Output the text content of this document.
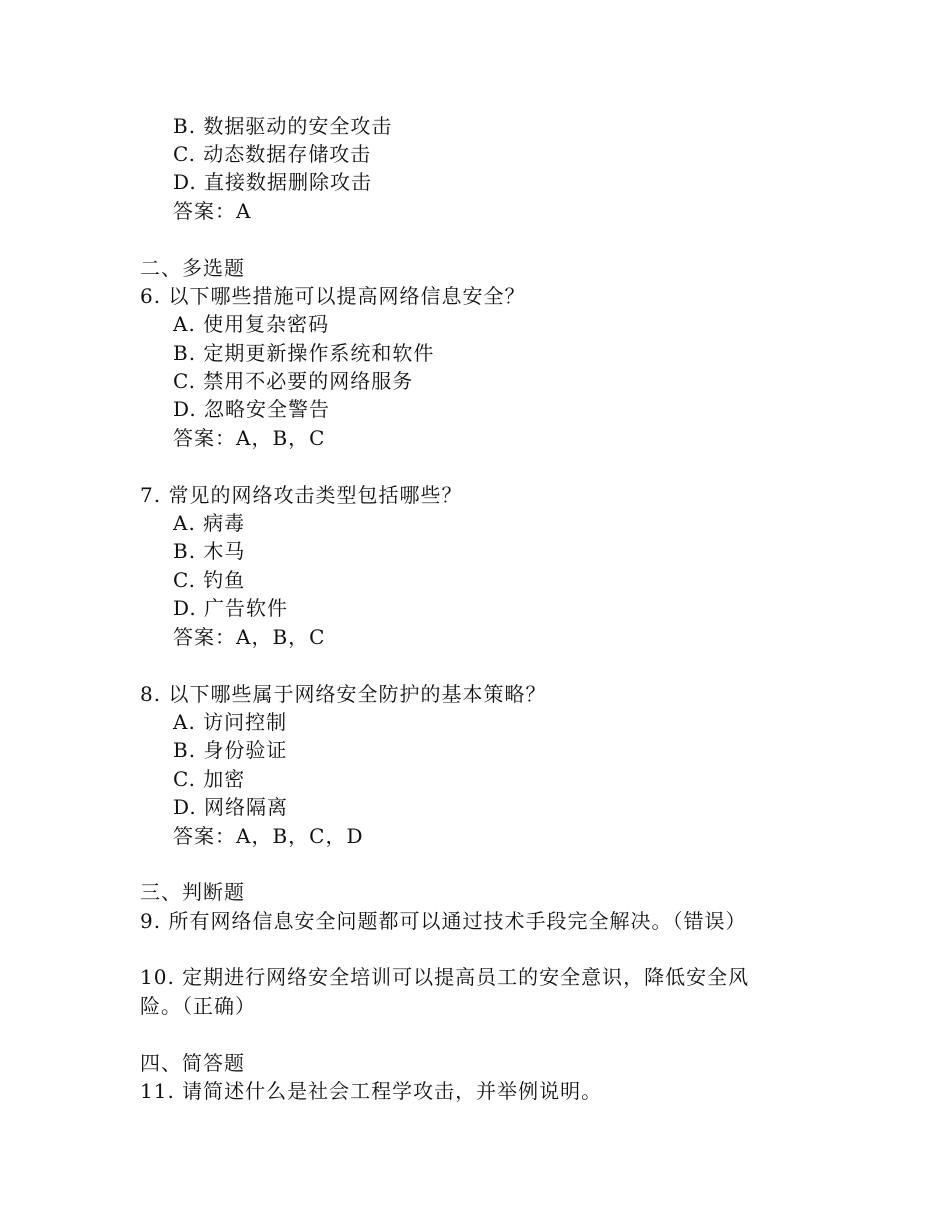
B. 数据驱动的安全攻击
C. 动态数据存储攻击
D. 直接数据删除攻击
答案：A
二、多选题
6. 以下哪些措施可以提高网络信息安全？
A. 使用复杂密码
B. 定期更新操作系统和软件
C. 禁用不必要的网络服务
D. 忽略安全警告
答案：A，B，C
7. 常见的网络攻击类型包括哪些？
A. 病毒
B. 木马
C. 钓鱼
D. 广告软件
答案：A，B，C
8. 以下哪些属于网络安全防护的基本策略？
A. 访问控制
B. 身份验证
C. 加密
D. 网络隔离
答案：A，B，C，D
三、判断题
9. 所有网络信息安全问题都可以通过技术手段完全解决。（错误）
10. 定期进行网络安全培训可以提高员工的安全意识，降低安全风
险。（正确）
四、简答题
11. 请简述什么是社会工程学攻击，并举例说明。
